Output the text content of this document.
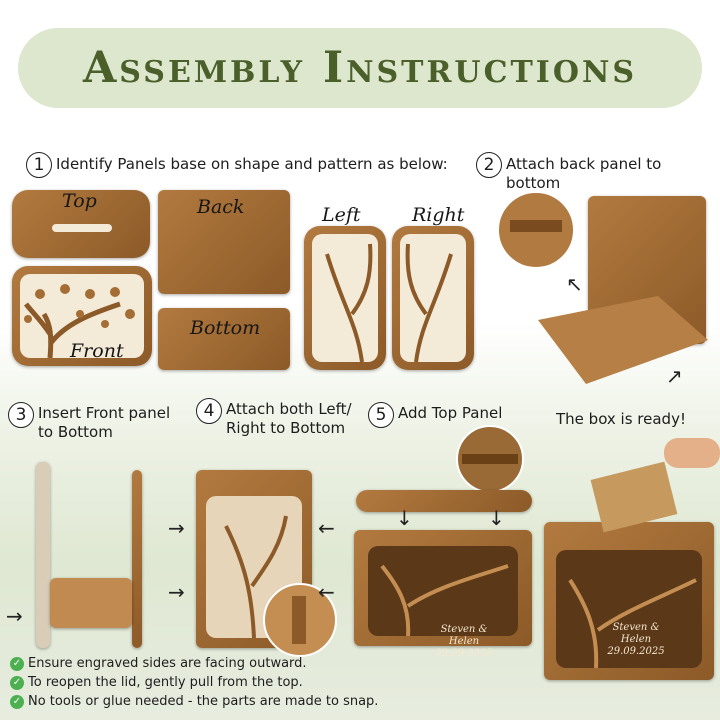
Assembly Instructions
1 Identify Panels base on shape and pattern as below:	2 Attach back panel to bottom
Top	Back
Front
Bottom
Left	Right
↖
↗
3 Insert Front panel to Bottom
4 Attach both Left/ Right to Bottom
5 Add Top Panel	The box is ready!
→
→
→
←
←
↓	↓
Steven & Helen
29.09.2025
Steven & Helen
29.09.2025
✓ Ensure engraved sides are facing outward.
✓ To reopen the lid, gently pull from the top.
✓ No tools or glue needed - the parts are made to snap.
